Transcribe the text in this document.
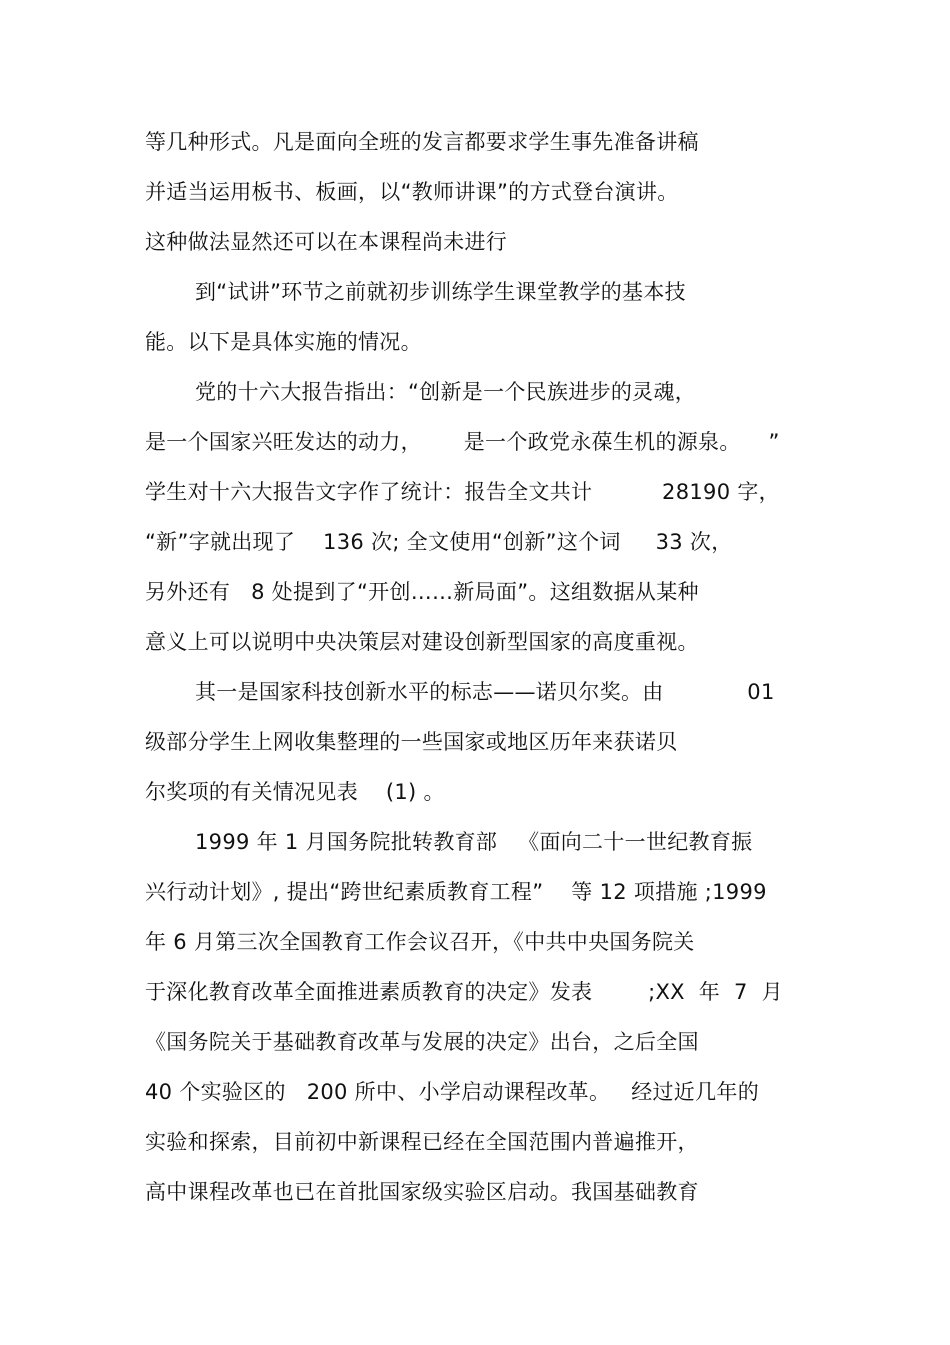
等几种形式。凡是面向全班的发言都要求学生事先准备讲稿
并适当运用板书、板画，以“教师讲课”的方式登台演讲。
这种做法显然还可以在本课程尚未进行
到“试讲”环节之前就初步训练学生课堂教学的基本技
能。以下是具体实施的情况。
党的十六大报告指出：“创新是一个民族进步的灵魂，
是一个国家兴旺发达的动力，      是一个政党永葆生机的源泉。    ”
学生对十六大报告文字作了统计：报告全文共计          28190 字，
“新”字就出现了    136 次; 全文使用“创新”这个词     33 次，
另外还有   8 处提到了“开创……新局面”。这组数据从某种
意义上可以说明中央决策层对建设创新型国家的高度重视。
其一是国家科技创新水平的标志——诺贝尔奖。由            01
级部分学生上网收集整理的一些国家或地区历年来获诺贝
尔奖项的有关情况见表    (1) 。
1999 年 1 月国务院批转教育部   《面向二十一世纪教育振
兴行动计划》, 提出“跨世纪素质教育工程”    等 12 项措施 ;1999
年 6 月第三次全国教育工作会议召开，《中共中央国务院关
于深化教育改革全面推进素质教育的决定》发表        ;XX  年  7  月
《国务院关于基础教育改革与发展的决定》出台，之后全国
40 个实验区的   200 所中、小学启动课程改革。   经过近几年的
实验和探索，目前初中新课程已经在全国范围内普遍推开，
高中课程改革也已在首批国家级实验区启动。我国基础教育
